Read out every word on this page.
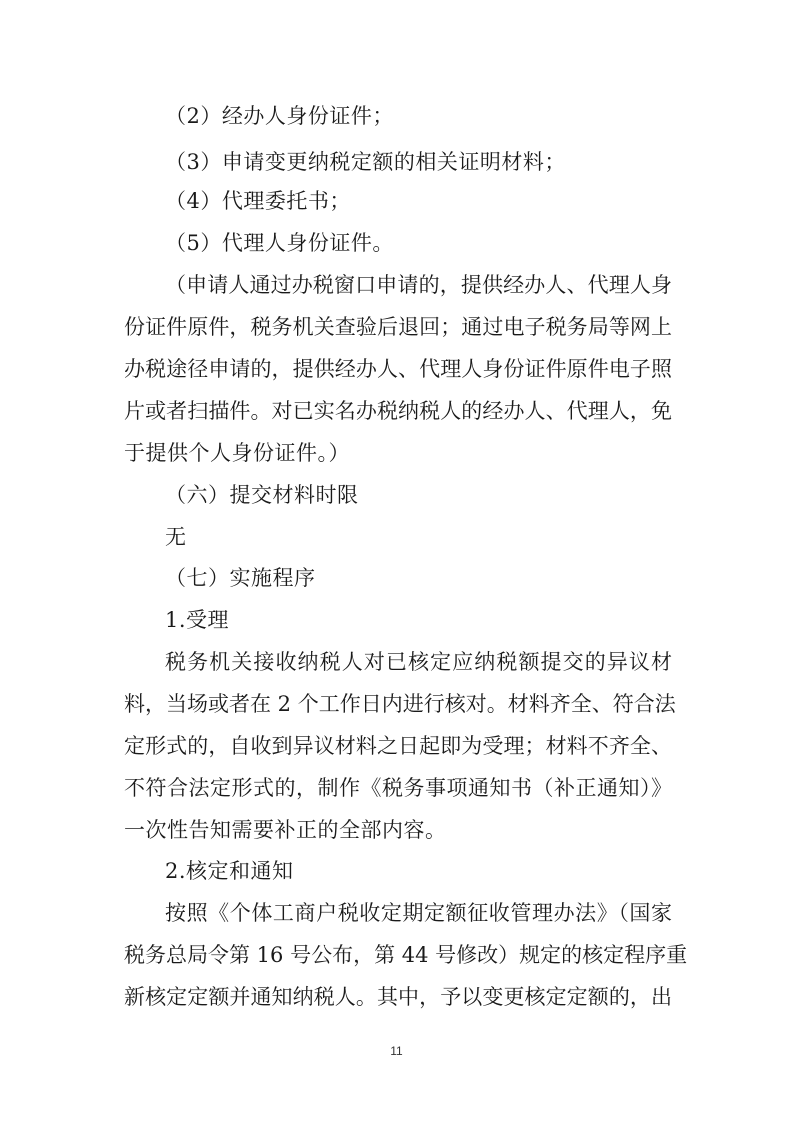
（2）经办人身份证件；
（3）申请变更纳税定额的相关证明材料；
（4）代理委托书；
（5）代理人身份证件。
（申请人通过办税窗口申请的，提供经办人、代理人身
份证件原件，税务机关查验后退回；通过电子税务局等网上
办税途径申请的，提供经办人、代理人身份证件原件电子照
片或者扫描件。对已实名办税纳税人的经办人、代理人，免
于提供个人身份证件。）
（六）提交材料时限
无
（七）实施程序
1.受理
税务机关接收纳税人对已核定应纳税额提交的异议材
料，当场或者在 2 个工作日内进行核对。材料齐全、符合法
定形式的，自收到异议材料之日起即为受理；材料不齐全、
不符合法定形式的，制作《税务事项通知书（补正通知）》
一次性告知需要补正的全部内容。
2.核定和通知
按照《个体工商户税收定期定额征收管理办法》（国家
税务总局令第 16 号公布，第 44 号修改）规定的核定程序重
新核定定额并通知纳税人。其中，予以变更核定定额的，出
11
